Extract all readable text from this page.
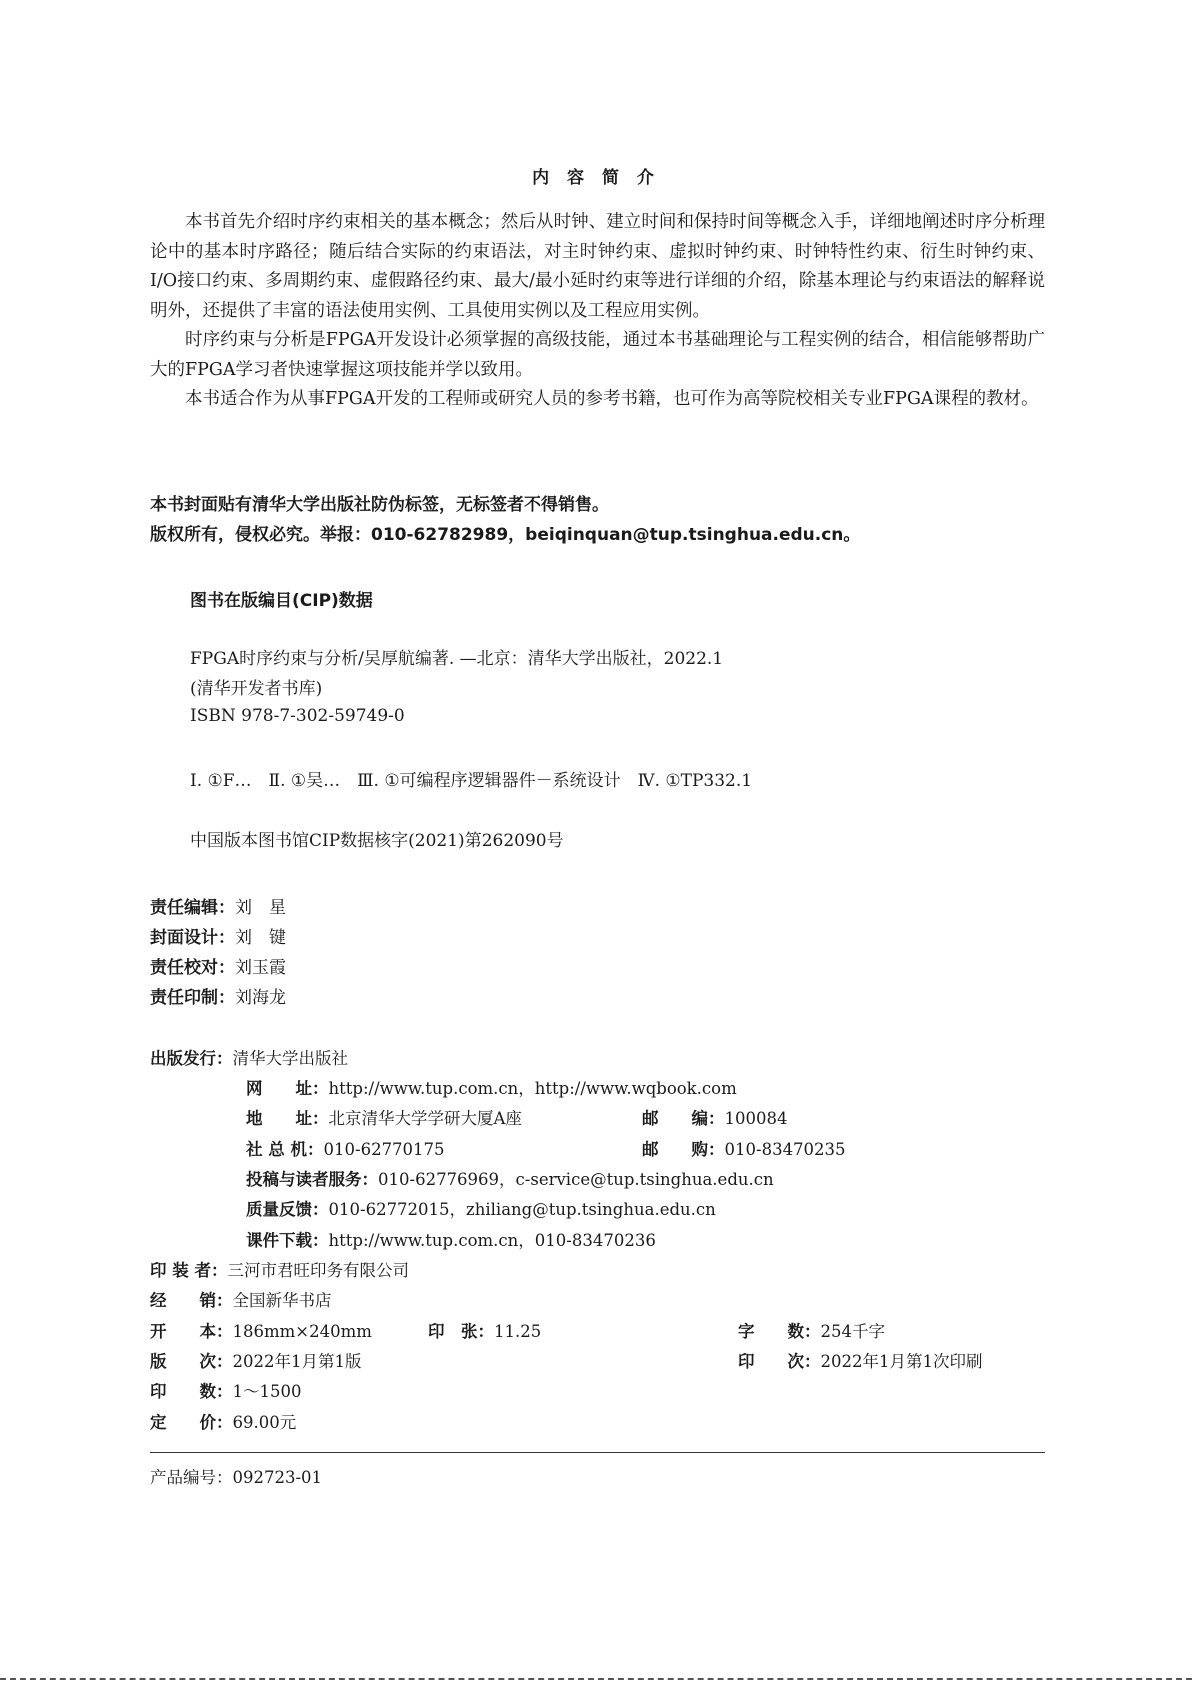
内 容 简 介

本书首先介绍时序约束相关的基本概念；然后从时钟、建立时间和保持时间等概念入手，详细地阐述时序分析理论中的基本时序路径；随后结合实际的约束语法，对主时钟约束、虚拟时钟约束、时钟特性约束、衍生时钟约束、I/O接口约束、多周期约束、虚假路径约束、最大/最小延时约束等进行详细的介绍，除基本理论与约束语法的解释说明外，还提供了丰富的语法使用实例、工具使用实例以及工程应用实例。

时序约束与分析是FPGA开发设计必须掌握的高级技能，通过本书基础理论与工程实例的结合，相信能够帮助广大的FPGA学习者快速掌握这项技能并学以致用。

本书适合作为从事FPGA开发的工程师或研究人员的参考书籍，也可作为高等院校相关专业FPGA课程的教材。

本书封面贴有清华大学出版社防伪标签，无标签者不得销售。
版权所有，侵权必究。举报：010-62782989，beiqinquan@tup.tsinghua.edu.cn。
图书在版编目(CIP)数据
FPGA时序约束与分析/吴厚航编著. —北京：清华大学出版社，2022.1
(清华开发者书库)
ISBN 978-7-302-59749-0
Ⅰ. ①F…　Ⅱ. ①吴…　Ⅲ. ①可编程序逻辑器件－系统设计　Ⅳ. ①TP332.1
中国版本图书馆CIP数据核字(2021)第262090号
责任编辑：刘　星
封面设计：刘　键
责任校对：刘玉霞
责任印制：刘海龙
出版发行：清华大学出版社
网　　址：http://www.tup.com.cn，http://www.wqbook.com
地　　址：北京清华大学学研大厦A座	邮　　编：100084
社 总 机：010-62770175	邮　　购：010-83470235
投稿与读者服务：010-62776969，c-service@tup.tsinghua.edu.cn
质量反馈：010-62772015，zhiliang@tup.tsinghua.edu.cn
课件下载：http://www.tup.com.cn，010-83470236
印 装 者：三河市君旺印务有限公司
经　　销：全国新华书店
开　　本：186mm×240mm	印　张：11.25	字　　数：254千字
版　　次：2022年1月第1版	印　　次：2022年1月第1次印刷
印　　数：1～1500
定　　价：69.00元
产品编号：092723-01
